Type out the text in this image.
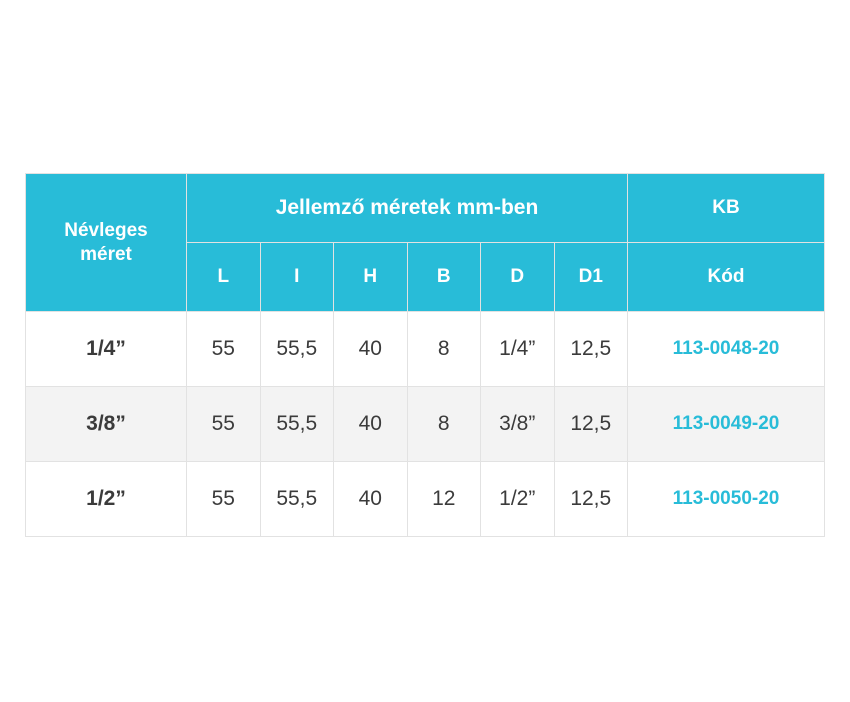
Névleges
méret	Jellemző méretek mm-ben						KB
	L	I	H	B	D	D1	Kód
1/4”	55	55,5	40	8	1/4”	12,5	113-0048-20
3/8”	55	55,5	40	8	3/8”	12,5	113-0049-20
1/2”	55	55,5	40	12	1/2”	12,5	113-0050-20
